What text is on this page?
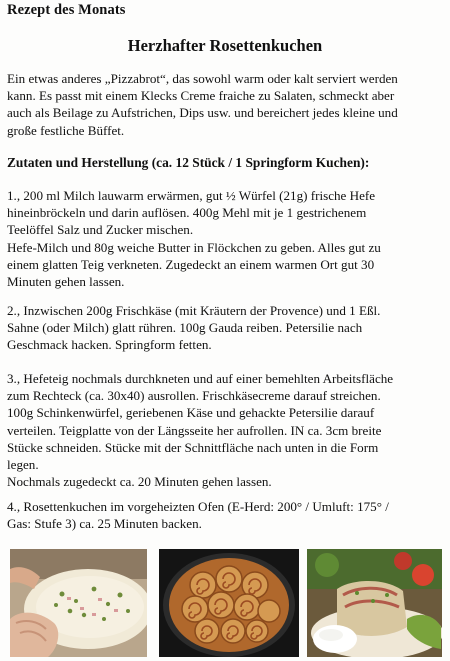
Rezept des Monats
Herzhafter Rosettenkuchen
Ein etwas anderes „Pizzabrot“, das sowohl warm oder kalt serviert werden
kann. Es passt mit einem Klecks Creme fraiche zu Salaten, schmeckt aber
auch als Beilage zu Aufstrichen, Dips usw. und bereichert jedes kleine und
große festliche Büffet.
Zutaten und Herstellung (ca. 12 Stück / 1 Springform Kuchen):
1., 200 ml Milch lauwarm erwärmen, gut ½ Würfel (21g) frische Hefe
hineinbröckeln und darin auflösen. 400g Mehl mit je 1 gestrichenem
Teelöffel Salz und Zucker mischen.
Hefe-Milch und 80g weiche Butter in Flöckchen zu geben. Alles gut zu
einem glatten Teig verkneten. Zugedeckt an einem warmen Ort gut 30
Minuten gehen lassen.
2., Inzwischen 200g Frischkäse (mit Kräutern der Provence) und 1 Eßl.
Sahne (oder Milch) glatt rühren. 100g Gauda reiben. Petersilie nach
Geschmack hacken. Springform fetten.
3., Hefeteig nochmals durchkneten und auf einer bemehlten Arbeitsfläche
zum Rechteck (ca. 30x40) ausrollen. Frischkäsecreme darauf streichen.
100g Schinkenwürfel, geriebenen Käse und gehackte Petersilie darauf
verteilen. Teigplatte von der Längsseite her aufrollen. IN ca. 3cm breite
Stücke schneiden. Stücke mit der Schnittfläche nach unten in die Form
legen.
Nochmals zugedeckt ca. 20 Minuten gehen lassen.
4., Rosettenkuchen im vorgeheizten Ofen (E-Herd: 200° / Umluft: 175° /
Gas: Stufe 3) ca. 25 Minuten backen.
